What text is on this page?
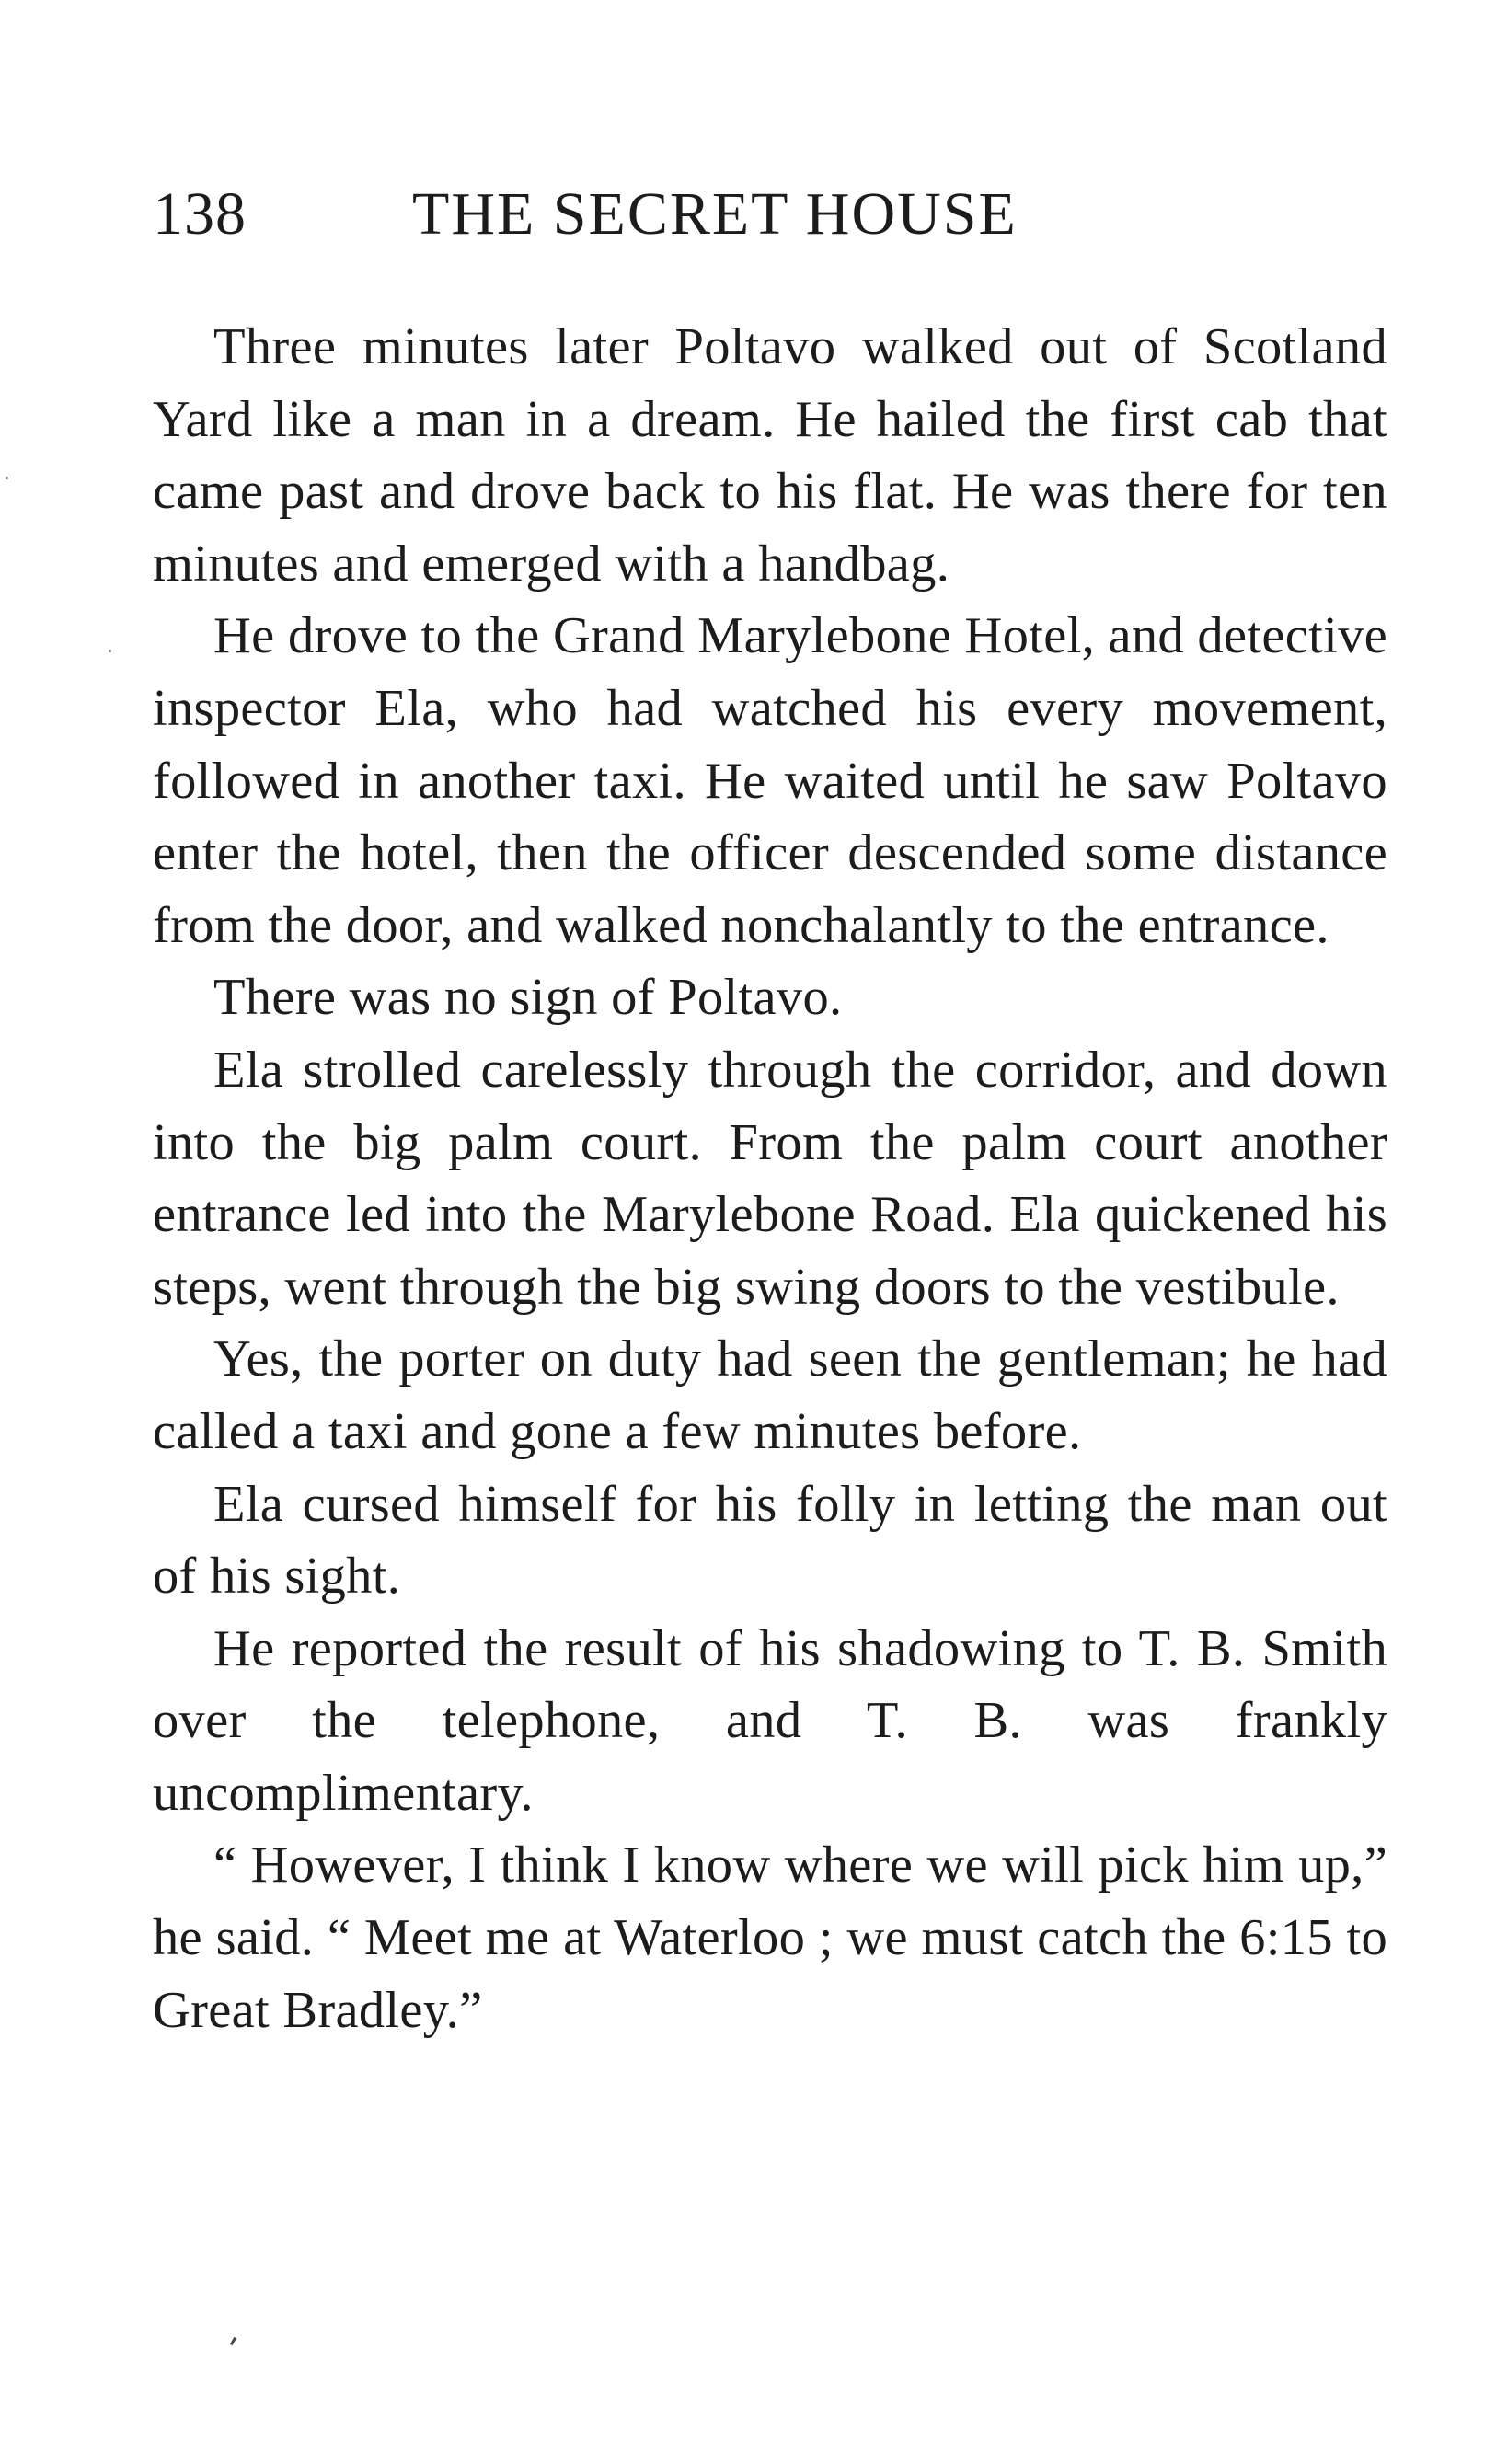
138	THE SECRET HOUSE

Three minutes later Poltavo walked out of Scotland Yard like a man in a dream. He hailed the first cab that came past and drove back to his flat. He was there for ten minutes and emerged with a handbag.

He drove to the Grand Marylebone Hotel, and detective inspector Ela, who had watched his every movement, followed in another taxi. He waited until he saw Poltavo enter the hotel, then the officer descended some distance from the door, and walked nonchalantly to the entrance.

There was no sign of Poltavo.

Ela strolled carelessly through the corridor, and down into the big palm court. From the palm court another entrance led into the Marylebone Road. Ela quickened his steps, went through the big swing doors to the vestibule.

Yes, the porter on duty had seen the gentleman; he had called a taxi and gone a few minutes before.

Ela cursed himself for his folly in letting the man out of his sight.

He reported the result of his shadowing to T. B. Smith over the telephone, and T. B. was frankly uncomplimentary.

“ However, I think I know where we will pick him up,” he said. “ Meet me at Waterloo ; we must catch the 6:15 to Great Bradley.”
